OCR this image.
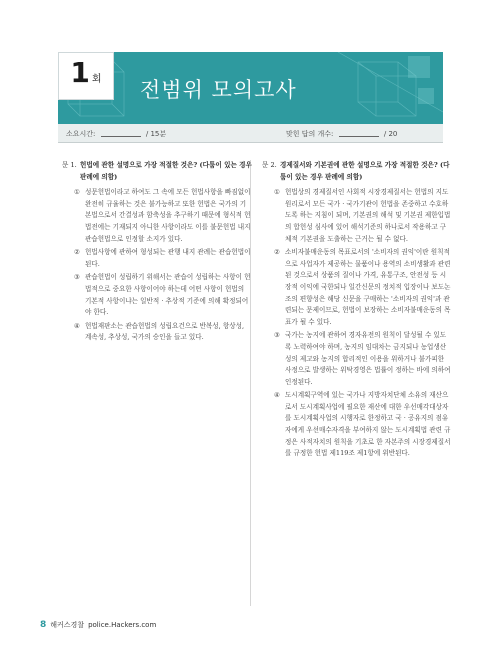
1 회 전범위 모의고사
소요시간:	/ 15분	맞힌 답의 개수:	/ 20
문 1. 헌법에 관한 설명으로 가장 적절한 것은? (다툼이 있는 경우 판례에 의함)
① 성문헌법이라고 하여도 그 속에 모든 헌법사항을 빠짐없이 완전히 규율하는 것은 불가능하고 또한 헌법은 국가의 기본법으로서 간결성과 함축성을 추구하기 때문에 형식적 헌법전에는 기재되지 아니한 사항이라도 이를 불문헌법 내지 관습헌법으로 인정할 소지가 있다.
② 헌법사항에 관하여 형성되는 관행 내지 관례는 관습헌법이 된다.
③ 관습헌법이 성립하기 위해서는 관습이 성립하는 사항이 헌법적으로 중요한 사항이어야 하는데 어떤 사항이 헌법의 기본적 사항이냐는 일반적 · 추상적 기준에 의해 확정되어야 한다.
④ 헌법재판소는 관습헌법의 성립요건으로 반복성, 항상성, 계속성, 추상성, 국가의 승인을 들고 있다.
문 2. 경제질서와 기본권에 관한 설명으로 가장 적절한 것은? (다툼이 있는 경우 판례에 의함)
① 헌법상의 경제질서인 사회적 시장경제질서는 헌법의 지도원리로서 모든 국가 · 국가기관이 헌법을 존중하고 수호하도록 하는 지침이 되며, 기본권의 해석 및 기본권 제한입법의 합헌성 심사에 있어 해석기준의 하나로서 작용하고 구체적 기본권을 도출하는 근거는 될 수 없다.
② 소비자불매운동의 목표로서의 '소비자의 권익'이란 원칙적으로 사업자가 제공하는 물품이나 용역의 소비생활과 관련된 것으로서 상품의 질이나 가격, 유통구조, 안전성 등 시장적 이익에 국한되나 일간신문의 정치적 입장이나 보도논조의 편향성은 해당 신문을 구매하는 '소비자의 권익'과 관련되는 문제이므로, 헌법이 보장하는 소비자불매운동의 목표가 될 수 있다.
③ 국가는 농지에 관하여 경자유전의 원칙이 달성될 수 있도록 노력하여야 하며, 농지의 임대차는 금지되나 농업생산성의 제고와 농지의 합리적인 이용을 위하거나 불가피한 사정으로 발생하는 위탁경영은 법률이 정하는 바에 의하여 인정된다.
④ 도시계획구역에 있는 국가나 지방자치단체 소유의 재산으로서 도시계획사업에 필요한 재산에 대한 우선매각대상자를 도시계획사업의 시행자로 한정하고 국 · 공유지의 점유자에게 우선매수자격을 부여하지 않는 도시계획법 관련 규정은 사적자치의 원칙을 기초로 한 자본주의 시장경제질서를 규정한 헌법 제119조 제1항에 위반된다.
8 해커스경찰 police.Hackers.com
